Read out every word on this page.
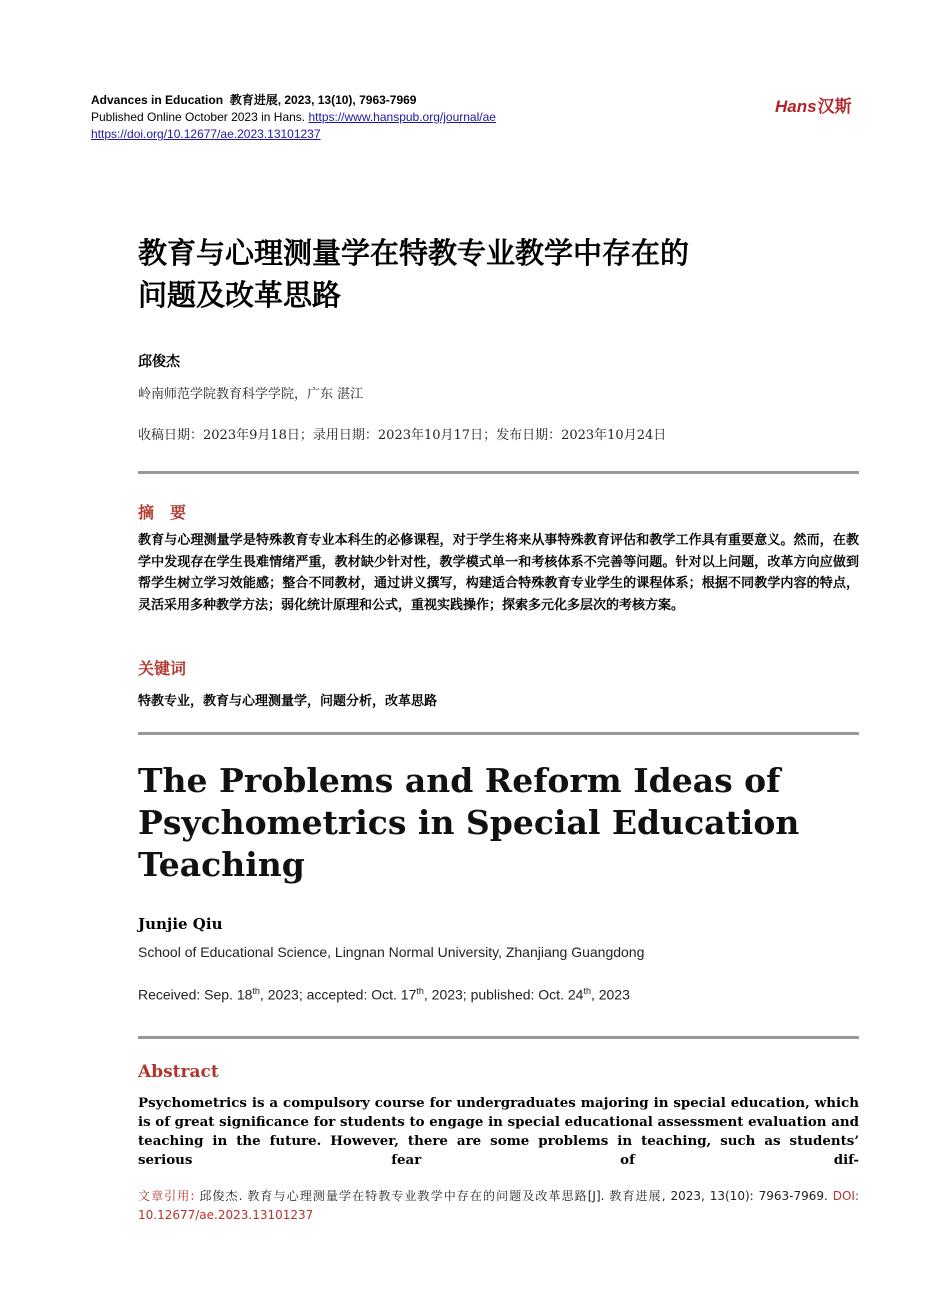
Advances in Education 教育进展, 2023, 13(10), 7963-7969
Published Online October 2023 in Hans. https://www.hanspub.org/journal/ae
https://doi.org/10.12677/ae.2023.13101237
Hans汉斯
教育与心理测量学在特教专业教学中存在的
问题及改革思路
邱俊杰
岭南师范学院教育科学学院，广东 湛江
收稿日期：2023年9月18日；录用日期：2023年10月17日；发布日期：2023年10月24日
摘　要
教育与心理测量学是特殊教育专业本科生的必修课程，对于学生将来从事特殊教育评估和教学工作具有重要意义。然而，在教学中发现存在学生畏难情绪严重，教材缺少针对性，教学模式单一和考核体系不完善等问题。针对以上问题，改革方向应做到帮学生树立学习效能感；整合不同教材，通过讲义撰写，构建适合特殊教育专业学生的课程体系；根据不同教学内容的特点，灵活采用多种教学方法；弱化统计原理和公式，重视实践操作；探索多元化多层次的考核方案。
关键词
特教专业，教育与心理测量学，问题分析，改革思路
The Problems and Reform Ideas of
Psychometrics in Special Education
Teaching
Junjie Qiu
School of Educational Science, Lingnan Normal University, Zhanjiang Guangdong
Received: Sep. 18th, 2023; accepted: Oct. 17th, 2023; published: Oct. 24th, 2023
Abstract
Psychometrics is a compulsory course for undergraduates majoring in special education, which is of great significance for students to engage in special educational assessment evaluation and teaching in the future. However, there are some problems in teaching, such as students’ serious fear of dif-
文章引用: 邱俊杰. 教育与心理测量学在特教专业教学中存在的问题及改革思路[J]. 教育进展, 2023, 13(10): 7963-7969. DOI: 10.12677/ae.2023.13101237
